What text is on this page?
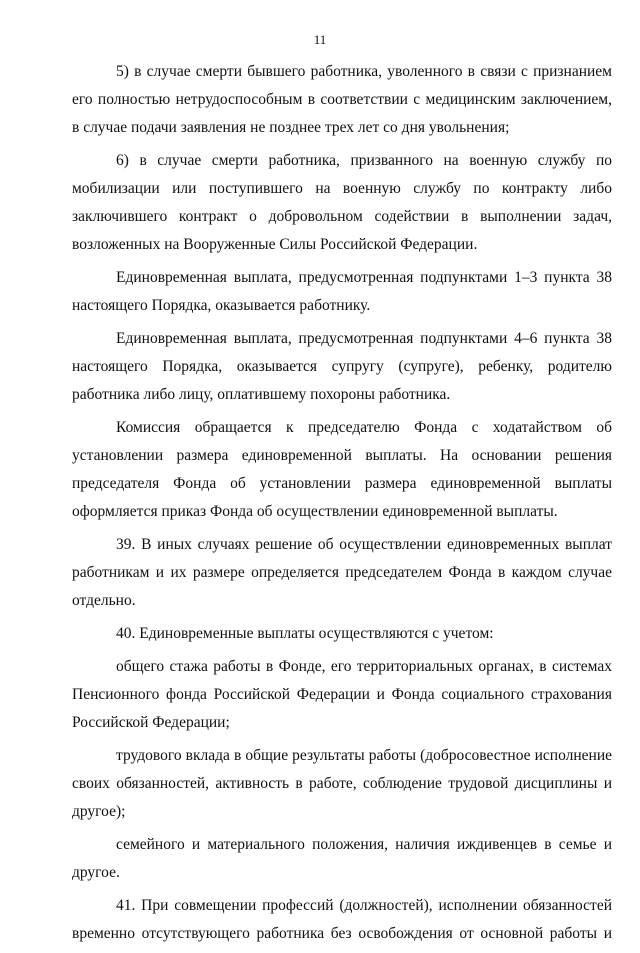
11

5) в случае смерти бывшего работника, уволенного в связи с признанием его полностью нетрудоспособным в соответствии с медицинским заключением, в случае подачи заявления не позднее трех лет со дня увольнения;

6) в случае смерти работника, призванного на военную службу по мобилизации или поступившего на военную службу по контракту либо заключившего контракт о добровольном содействии в выполнении задач, возложенных на Вооруженные Силы Российской Федерации.

Единовременная выплата, предусмотренная подпунктами 1–3 пункта 38 настоящего Порядка, оказывается работнику.

Единовременная выплата, предусмотренная подпунктами 4–6 пункта 38 настоящего Порядка, оказывается супругу (супруге), ребенку, родителю работника либо лицу, оплатившему похороны работника.

Комиссия обращается к председателю Фонда с ходатайством об установлении размера единовременной выплаты. На основании решения председателя Фонда об установлении размера единовременной выплаты оформляется приказ Фонда об осуществлении единовременной выплаты.

39. В иных случаях решение об осуществлении единовременных выплат работникам и их размере определяется председателем Фонда в каждом случае отдельно.

40. Единовременные выплаты осуществляются с учетом:

общего стажа работы в Фонде, его территориальных органах, в системах Пенсионного фонда Российской Федерации и Фонда социального страхования Российской Федерации;

трудового вклада в общие результаты работы (добросовестное исполнение своих обязанностей, активность в работе, соблюдение трудовой дисциплины и другое);

семейного и материального положения, наличия иждивенцев в семье и другое.

41. При совмещении профессий (должностей), исполнении обязанностей временно отсутствующего работника без освобождения от основной работы и
